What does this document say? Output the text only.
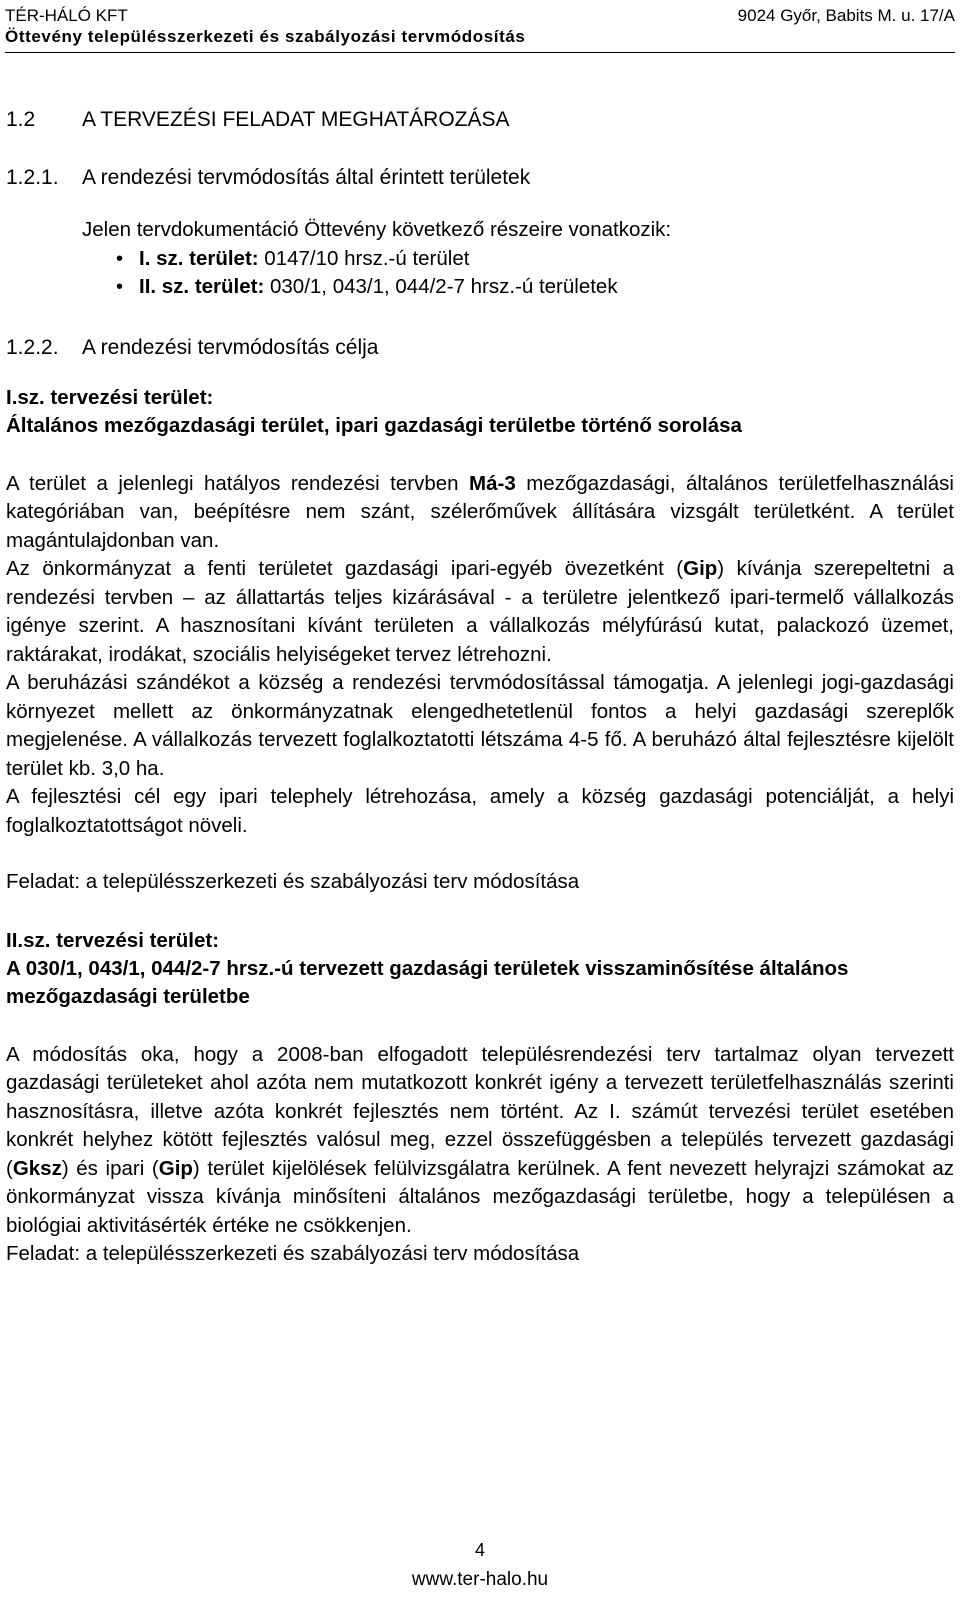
TÉR-HÁLÓ KFT	9024 Győr, Babits M. u. 17/A
Öttevény településszerkezeti és szabályozási tervmódosítás
1.2 A TERVEZÉSI FELADAT MEGHATÁROZÁSA
1.2.1. A rendezési tervmódosítás által érintett területek
Jelen tervdokumentáció Öttevény következő részeire vonatkozik:
• I. sz. terület: 0147/10 hrsz.-ú terület
• II. sz. terület: 030/1, 043/1, 044/2-7 hrsz.-ú területek
1.2.2. A rendezési tervmódosítás célja
I.sz. tervezési terület:
Általános mezőgazdasági terület, ipari gazdasági területbe történő sorolása
A terület a jelenlegi hatályos rendezési tervben Má-3 mezőgazdasági, általános területfelhasználási kategóriában van, beépítésre nem szánt, szélerőművek állítására vizsgált területként. A terület magántulajdonban van.
Az önkormányzat a fenti területet gazdasági ipari-egyéb övezetként (Gip) kívánja szerepeltetni a rendezési tervben – az állattartás teljes kizárásával - a területre jelentkező ipari-termelő vállalkozás igénye szerint. A hasznosítani kívánt területen a vállalkozás mélyfúrású kutat, palackozó üzemet, raktárakat, irodákat, szociális helyiségeket tervez létrehozni.
A beruházási szándékot a község a rendezési tervmódosítással támogatja. A jelenlegi jogi-gazdasági környezet mellett az önkormányzatnak elengedhetetlenül fontos a helyi gazdasági szereplők megjelenése. A vállalkozás tervezett foglalkoztatotti létszáma 4-5 fő. A beruházó által fejlesztésre kijelölt terület kb. 3,0 ha.
A fejlesztési cél egy ipari telephely létrehozása, amely a község gazdasági potenciálját, a helyi foglalkoztatottságot növeli.
Feladat: a településszerkezeti és szabályozási terv módosítása
II.sz. tervezési terület:
A 030/1, 043/1, 044/2-7 hrsz.-ú tervezett gazdasági területek visszaminősítése általános mezőgazdasági területbe
A módosítás oka, hogy a 2008-ban elfogadott településrendezési terv tartalmaz olyan tervezett gazdasági területeket ahol azóta nem mutatkozott konkrét igény a tervezett területfelhasználás szerinti hasznosításra, illetve azóta konkrét fejlesztés nem történt. Az I. számút tervezési terület esetében konkrét helyhez kötött fejlesztés valósul meg, ezzel összefüggésben a település tervezett gazdasági (Gksz) és ipari (Gip) terület kijelölések felülvizsgálatra kerülnek. A fent nevezett helyrajzi számokat az önkormányzat vissza kívánja minősíteni általános mezőgazdasági területbe, hogy a településen a biológiai aktivitásérték értéke ne csökkenjen.
Feladat: a településszerkezeti és szabályozási terv módosítása
4
www.ter-halo.hu
